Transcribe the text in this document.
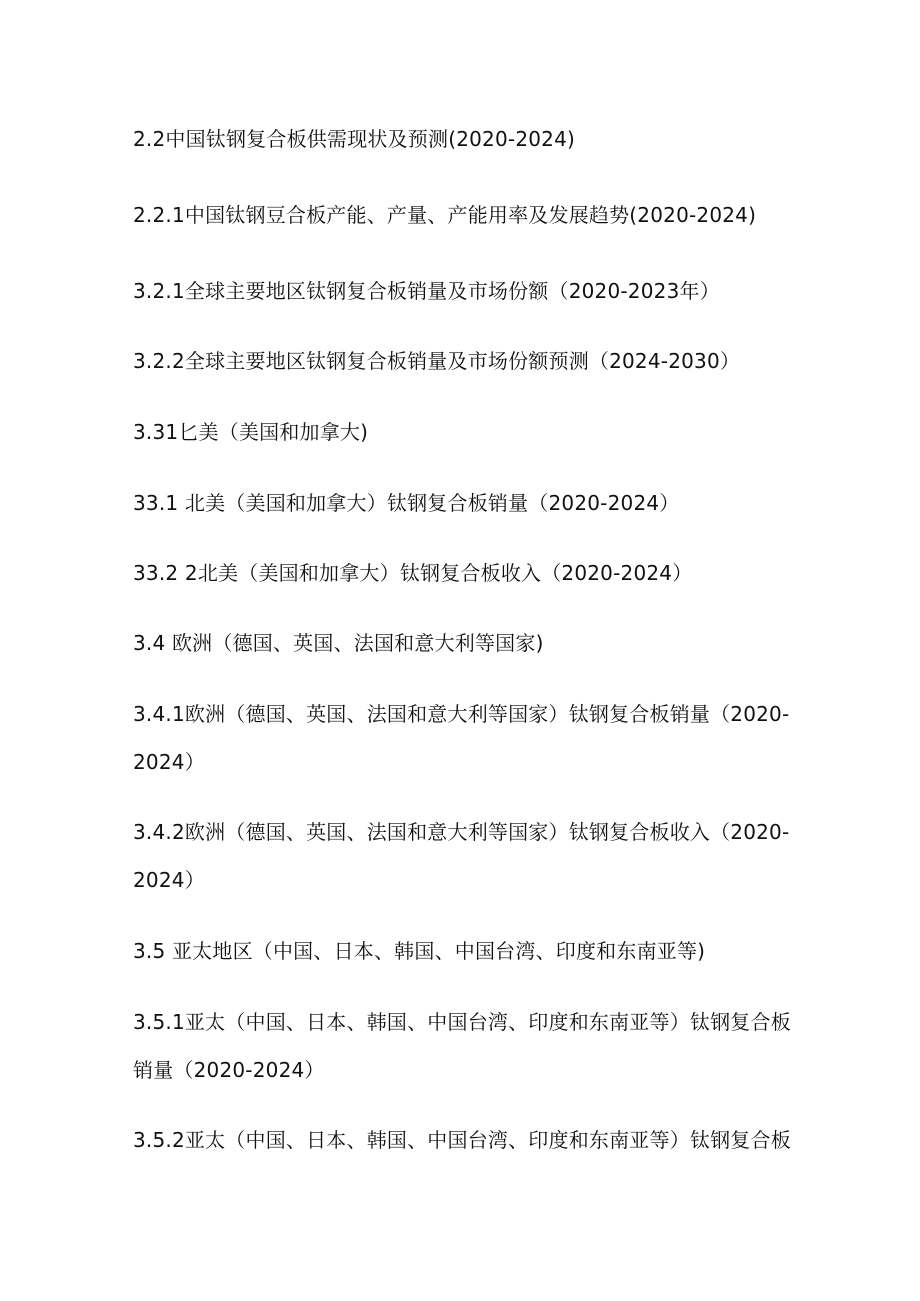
2.2中国钛钢复合板供需现状及预测(2020-2024)
2.2.1中国钛钢豆合板产能、产量、产能用率及发展趋势(2020-2024)
3.2.1全球主要地区钛钢复合板销量及市场份额（2020-2023年）
3.2.2全球主要地区钛钢复合板销量及市场份额预测（2024-2030）
3.31匕美（美国和加拿大)
33.1 北美（美国和加拿大）钛钢复合板销量（2020-2024）
33.2 2北美（美国和加拿大）钛钢复合板收入（2020-2024）
3.4 欧洲（德国、英国、法国和意大利等国家)
3.4.1欧洲（德国、英国、法国和意大利等国家）钛钢复合板销量（2020-2024）
3.4.2欧洲（德国、英国、法国和意大利等国家）钛钢复合板收入（2020-2024）
3.5 亚太地区（中国、日本、韩国、中国台湾、印度和东南亚等)
3.5.1亚太（中国、日本、韩国、中国台湾、印度和东南亚等）钛钢复合板销量（2020-2024）
3.5.2亚太（中国、日本、韩国、中国台湾、印度和东南亚等）钛钢复合板
